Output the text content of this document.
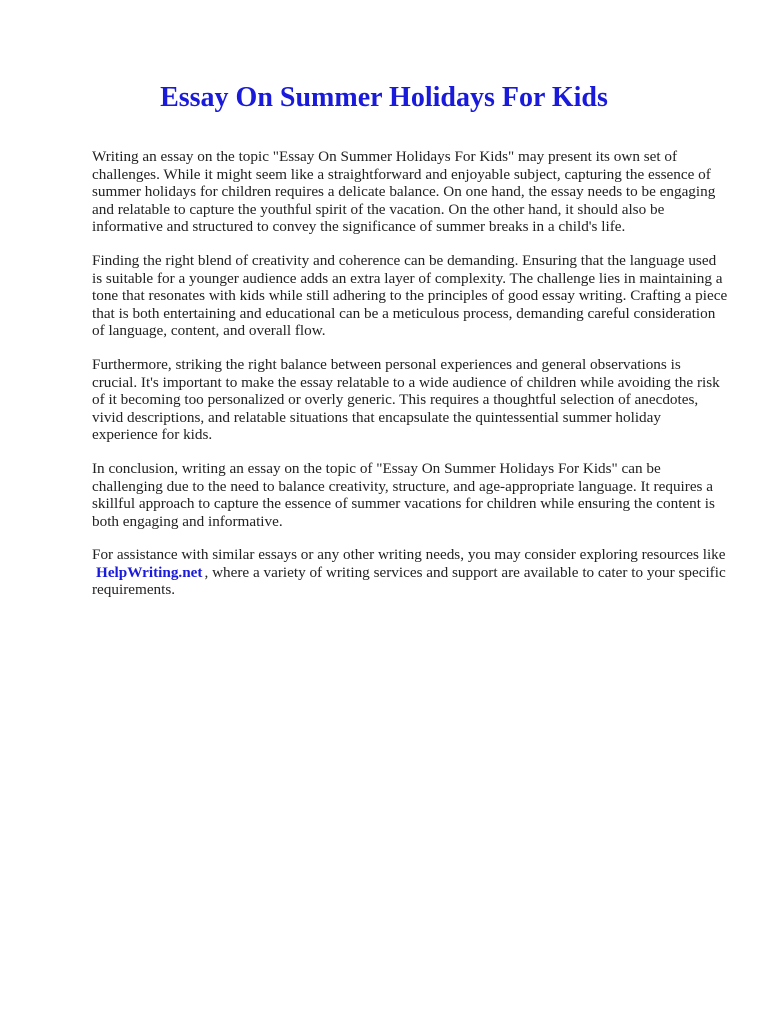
Essay On Summer Holidays For Kids

Writing an essay on the topic "Essay On Summer Holidays For Kids" may present its own set of challenges. While it might seem like a straightforward and enjoyable subject, capturing the essence of summer holidays for children requires a delicate balance. On one hand, the essay needs to be engaging and relatable to capture the youthful spirit of the vacation. On the other hand, it should also be informative and structured to convey the significance of summer breaks in a child's life.

Finding the right blend of creativity and coherence can be demanding. Ensuring that the language used is suitable for a younger audience adds an extra layer of complexity. The challenge lies in maintaining a tone that resonates with kids while still adhering to the principles of good essay writing. Crafting a piece that is both entertaining and educational can be a meticulous process, demanding careful consideration of language, content, and overall flow.

Furthermore, striking the right balance between personal experiences and general observations is crucial. It's important to make the essay relatable to a wide audience of children while avoiding the risk of it becoming too personalized or overly generic. This requires a thoughtful selection of anecdotes, vivid descriptions, and relatable situations that encapsulate the quintessential summer holiday experience for kids.

In conclusion, writing an essay on the topic of "Essay On Summer Holidays For Kids" can be challenging due to the need to balance creativity, structure, and age-appropriate language. It requires a skillful approach to capture the essence of summer vacations for children while ensuring the content is both engaging and informative.

For assistance with similar essays or any other writing needs, you may consider exploring resources like HelpWriting.net , where a variety of writing services and support are available to cater to your specific requirements.
